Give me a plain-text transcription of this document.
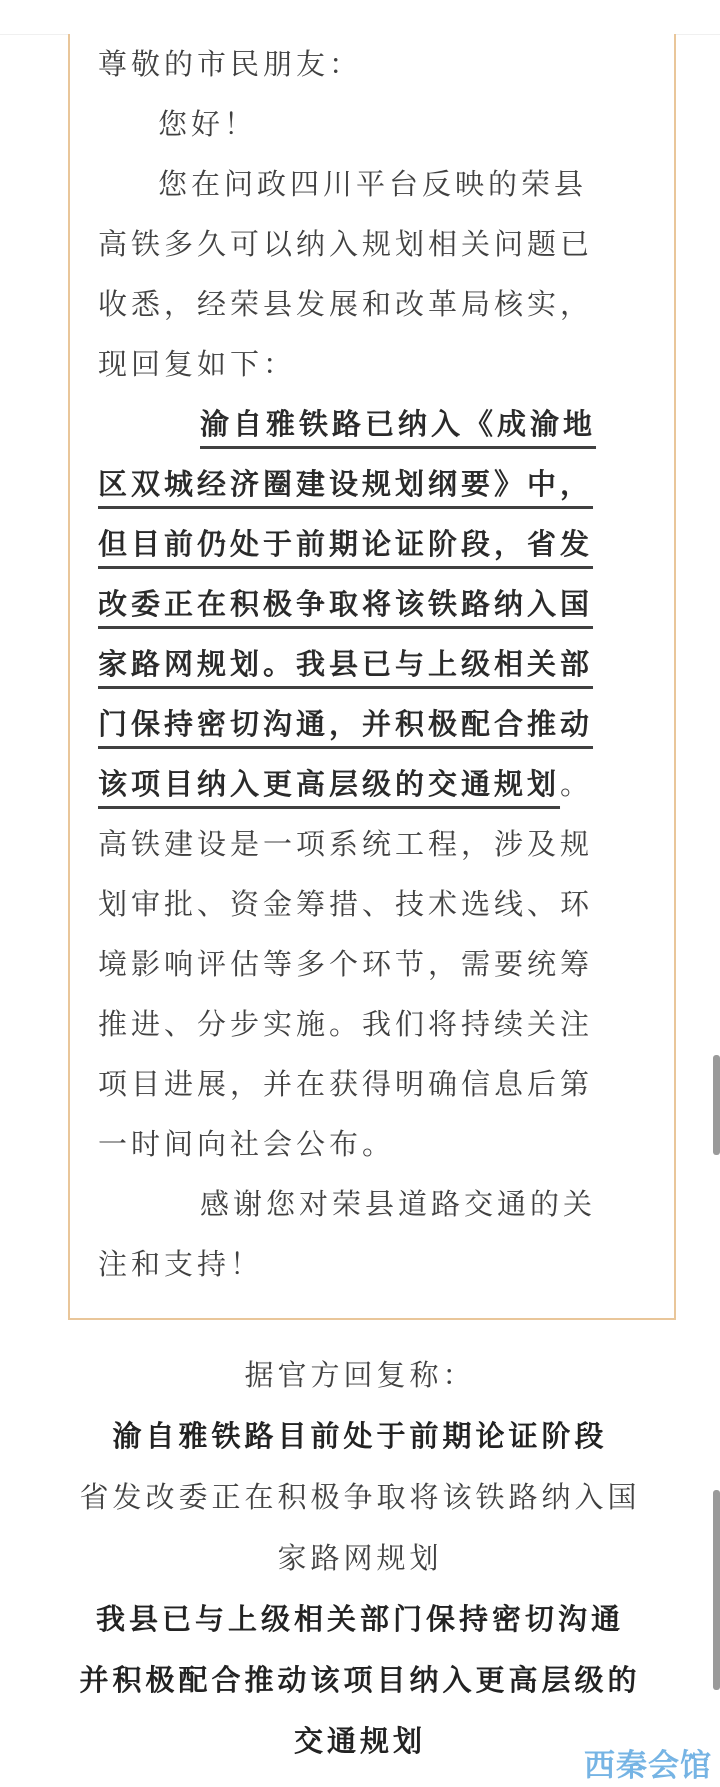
尊敬的市民朋友：
您好！
您在问政四川平台反映的荣县
高铁多久可以纳入规划相关问题已
收悉，经荣县发展和改革局核实，
现回复如下：
渝自雅铁路已纳入《成渝地
区双城经济圈建设规划纲要》中，
但目前仍处于前期论证阶段，省发
改委正在积极争取将该铁路纳入国
家路网规划。我县已与上级相关部
门保持密切沟通，并积极配合推动
该项目纳入更高层级的交通规划。
高铁建设是一项系统工程，涉及规
划审批、资金筹措、技术选线、环
境影响评估等多个环节，需要统筹
推进、分步实施。我们将持续关注
项目进展，并在获得明确信息后第
一时间向社会公布。
感谢您对荣县道路交通的关
注和支持！
据官方回复称：
渝自雅铁路目前处于前期论证阶段
省发改委正在积极争取将该铁路纳入国
家路网规划
我县已与上级相关部门保持密切沟通
并积极配合推动该项目纳入更高层级的
交通规划
西秦会馆
